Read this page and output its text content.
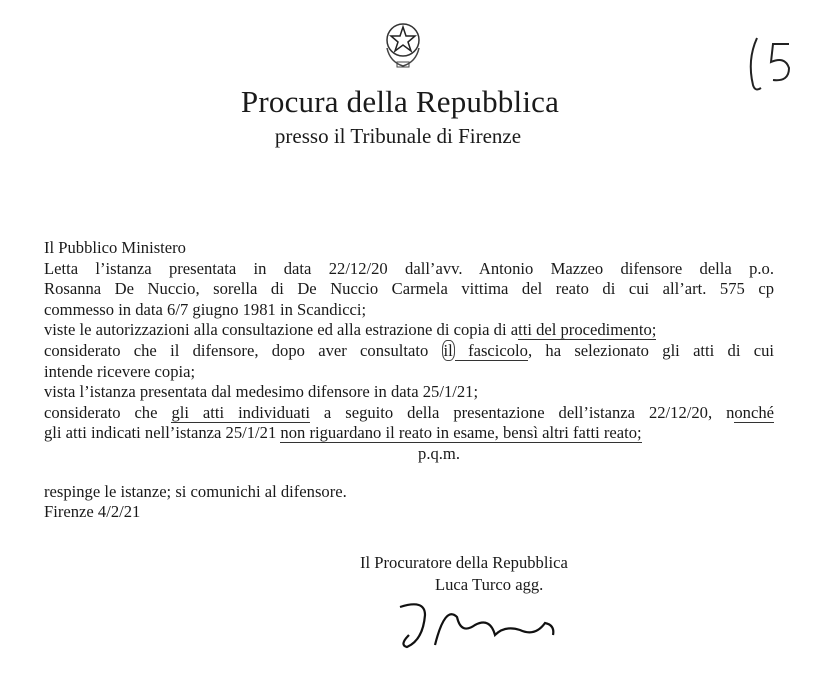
Procura della Repubblica
presso il Tribunale di Firenze
Il Pubblico Ministero
Letta l’istanza presentata in data 22/12/20 dall’avv. Antonio Mazzeo difensore della p.o.
Rosanna De Nuccio, sorella di De Nuccio Carmela vittima del reato di cui all’art. 575 cp
commesso in data 6/7 giugno 1981 in Scandicci;
viste le autorizzazioni alla consultazione ed alla estrazione di copia di atti del procedimento;
considerato che il difensore, dopo aver consultato il fascicolo, ha selezionato gli atti di cui
intende ricevere copia;
vista l’istanza presentata dal medesimo difensore in data 25/1/21;
considerato che gli atti individuati a seguito della presentazione dell’istanza 22/12/20, nonché
gli atti indicati nell’istanza 25/1/21 non riguardano il reato in esame, bensì altri fatti reato;
p.q.m.
respinge le istanze; si comunichi al difensore.
Firenze 4/2/21
Il Procuratore della Repubblica
Luca Turco agg.
